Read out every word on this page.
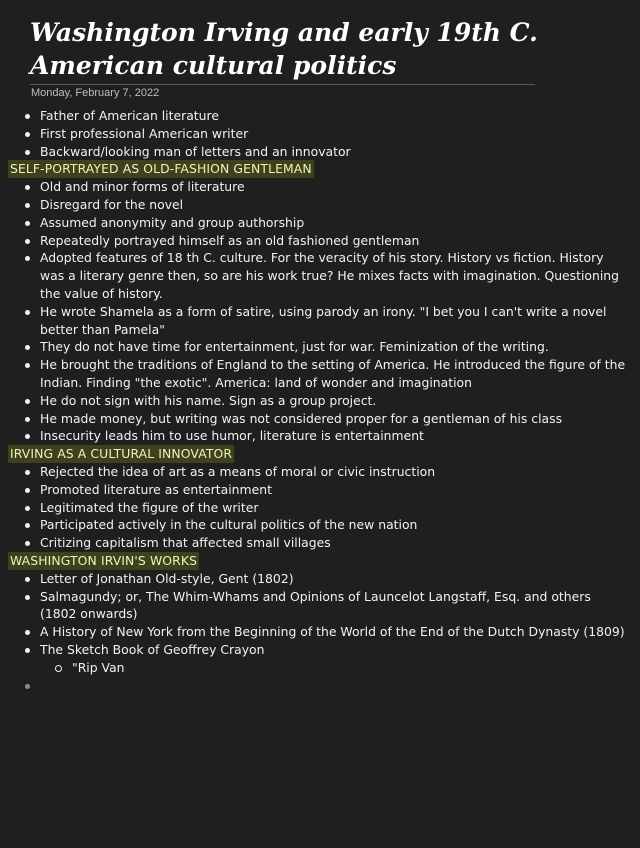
Washington Irving and early 19th C. American cultural politics
Monday, February 7, 2022
Father of American literature
First professional American writer
Backward/looking man of letters and an innovator
SELF-PORTRAYED AS OLD-FASHION GENTLEMAN
Old and minor forms of literature
Disregard for the novel
Assumed anonymity and group authorship
Repeatedly portrayed himself as an old fashioned gentleman
Adopted features of 18 th C. culture. For the veracity of his story. History vs fiction. History was a literary genre then, so are his work true? He mixes facts with imagination. Questioning the value of history.
He wrote Shamela as a form of satire, using parody an irony. "I bet you I can't write a novel better than Pamela"
They do not have time for entertainment, just for war. Feminization of the writing.
He brought the traditions of England to the setting of America. He introduced the figure of the Indian. Finding "the exotic". America: land of wonder and imagination
He do not sign with his name. Sign as a group project.
He made money, but writing was not considered proper for a gentleman of his class
Insecurity leads him to use humor, literature is entertainment
IRVING AS A CULTURAL INNOVATOR
Rejected the idea of art as a means of moral or civic instruction
Promoted literature as entertainment
Legitimated the figure of the writer
Participated actively in the cultural politics of the new nation
Critizing capitalism that affected small villages
WASHINGTON IRVIN'S WORKS
Letter of Jonathan Old-style, Gent (1802)
Salmagundy; or, The Whim-Whams and Opinions of Launcelot Langstaff, Esq. and others (1802 onwards)
A History of New York from the Beginning of the World of the End of the Dutch Dynasty (1809)
The Sketch Book of Geoffrey Crayon
"Rip Van
